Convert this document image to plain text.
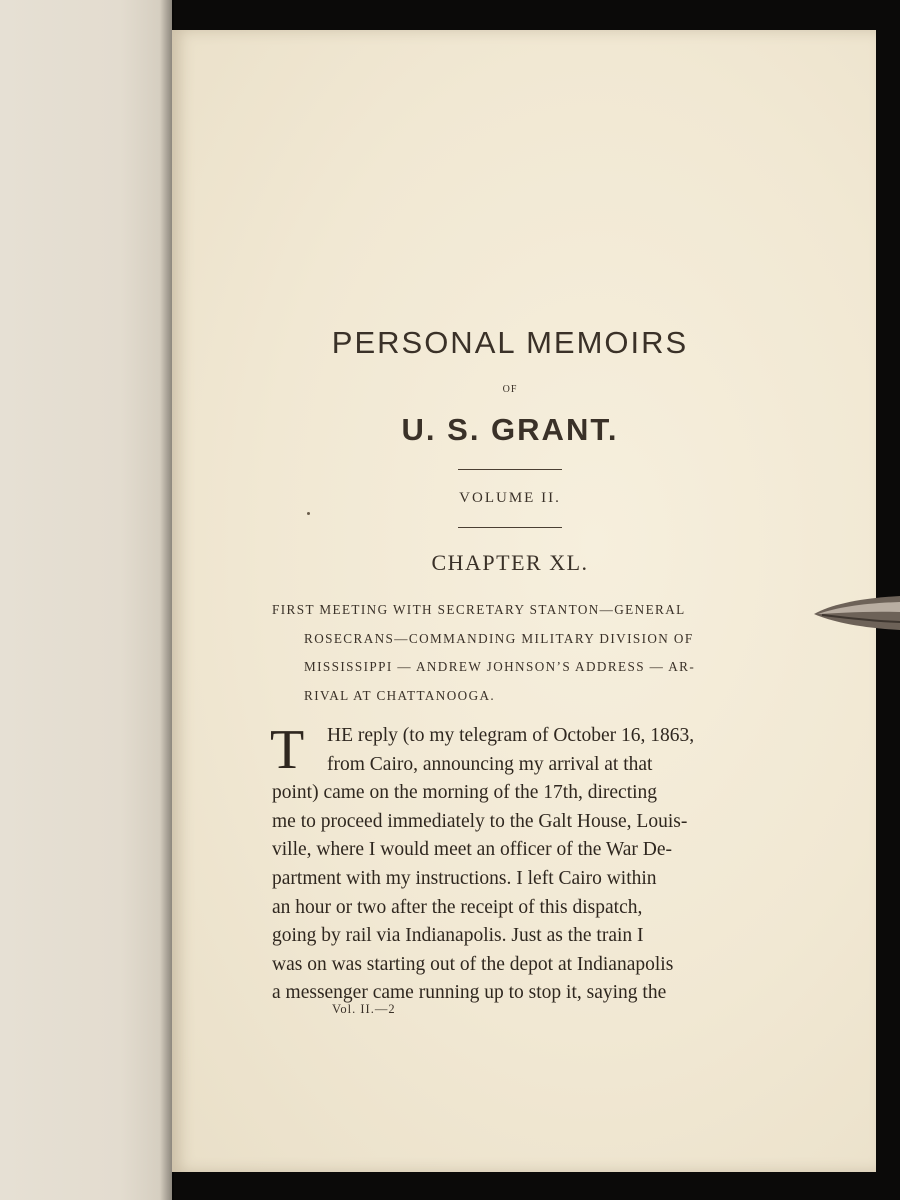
PERSONAL MEMOIRS
OF
U. S. GRANT.
VOLUME II.
CHAPTER XL.
FIRST MEETING WITH SECRETARY STANTON—GENERAL
ROSECRANS—COMMANDING MILITARY DIVISION OF
MISSISSIPPI — ANDREW JOHNSON’S ADDRESS — AR-
RIVAL AT CHATTANOOGA.
T HE reply (to my telegram of October 16, 1863,
from Cairo, announcing my arrival at that
point) came on the morning of the 17th, directing
me to proceed immediately to the Galt House, Louis-
ville, where I would meet an officer of the War De-
partment with my instructions. I left Cairo within
an hour or two after the receipt of this dispatch,
going by rail via Indianapolis. Just as the train I
was on was starting out of the depot at Indianapolis
a messenger came running up to stop it, saying the
Vol. II.—2
